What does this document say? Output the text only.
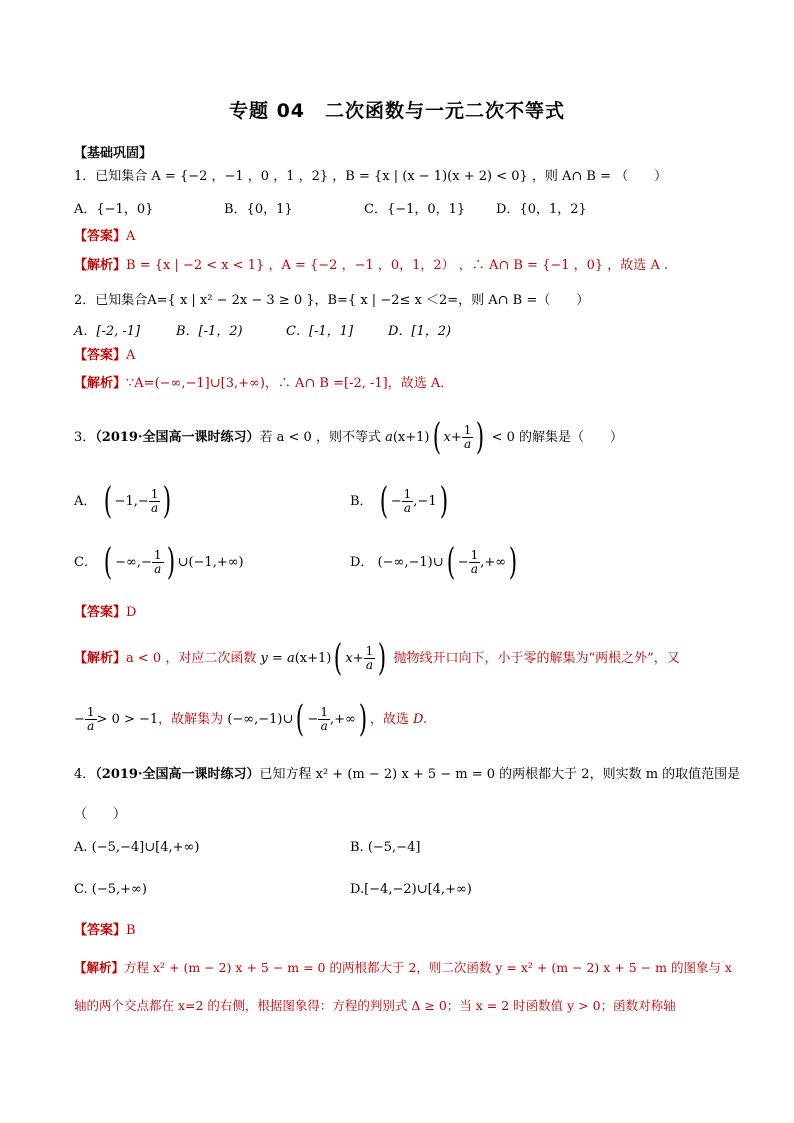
专题 04　二次函数与一元二次不等式
【基础巩固】
1．已知集合 A = {−2 ，−1 ，0 ，1 ，2} ，B = {x | (x − 1)(x + 2) < 0} ，则 A∩ B = （　　）
A．{−1，0}	B．{0，1}	C．{−1，0，1} D．{0，1，2}
【答案】A
【解析】B = {x | −2 < x < 1} ，A = {−2 ，−1 ，0，1，2） ，∴ A∩ B = {−1 ，0} ，故选 A .
2．已知集合A={ x | x² − 2x − 3 ≥ 0 }，B={ x | −2≤ x ＜2=，则 A∩ B =（　　）
A．[-2, -1]	B．[-1，2)	C．[-1，1]	D．[1，2)
【答案】A
【解析】∵A=(−∞,−1]∪[3,+∞)，∴ A∩ B =[-2, -1]，故选 A．
3．（2019·全国高一课时练习）若 a < 0 ，则不等式 a(x+1)( $x+ \frac{1}{a}$ ) < 0 的解集是（　　）
A． ( $-1,- \frac{1}{a}$ )	B． ( − $\frac{1}{a} ,-1$)
C． ( −∞,− $\frac{1}{a}$ ) ∪(−1,+∞)	D． (−∞,−1)∪( − $\frac{1}{a}$ ,+∞)
【答案】D
【解析】a < 0 ，对应二次函数 y = a(x+1)( $x+ \frac{1}{a}$ ) 抛物线开口向下，小于零的解集为“两根之外”，又
− $\frac{1}{a} > 0 > -1$，故解集为 (−∞,−1)∪( − $\frac{1}{a}$ ,+∞) ，故选 D.
4．（2019·全国高一课时练习）已知方程 x² + (m − 2) x + 5 − m = 0 的两根都大于 2，则实数 m 的取值范围是
（　　）
A. (−5,−4]∪[4,+∞)	B. (−5,−4]
C. (−5,+∞)	D.[−4,−2)∪[4,+∞)
【答案】B
【解析】方程 x² + (m − 2) x + 5 − m = 0 的两根都大于 2，则二次函数 y = x² + (m − 2) x + 5 − m 的图象与 x
轴的两个交点都在 x=2 的右侧，根据图象得：方程的判别式 Δ ≥ 0；当 x = 2 时函数值 y > 0；函数对称轴
